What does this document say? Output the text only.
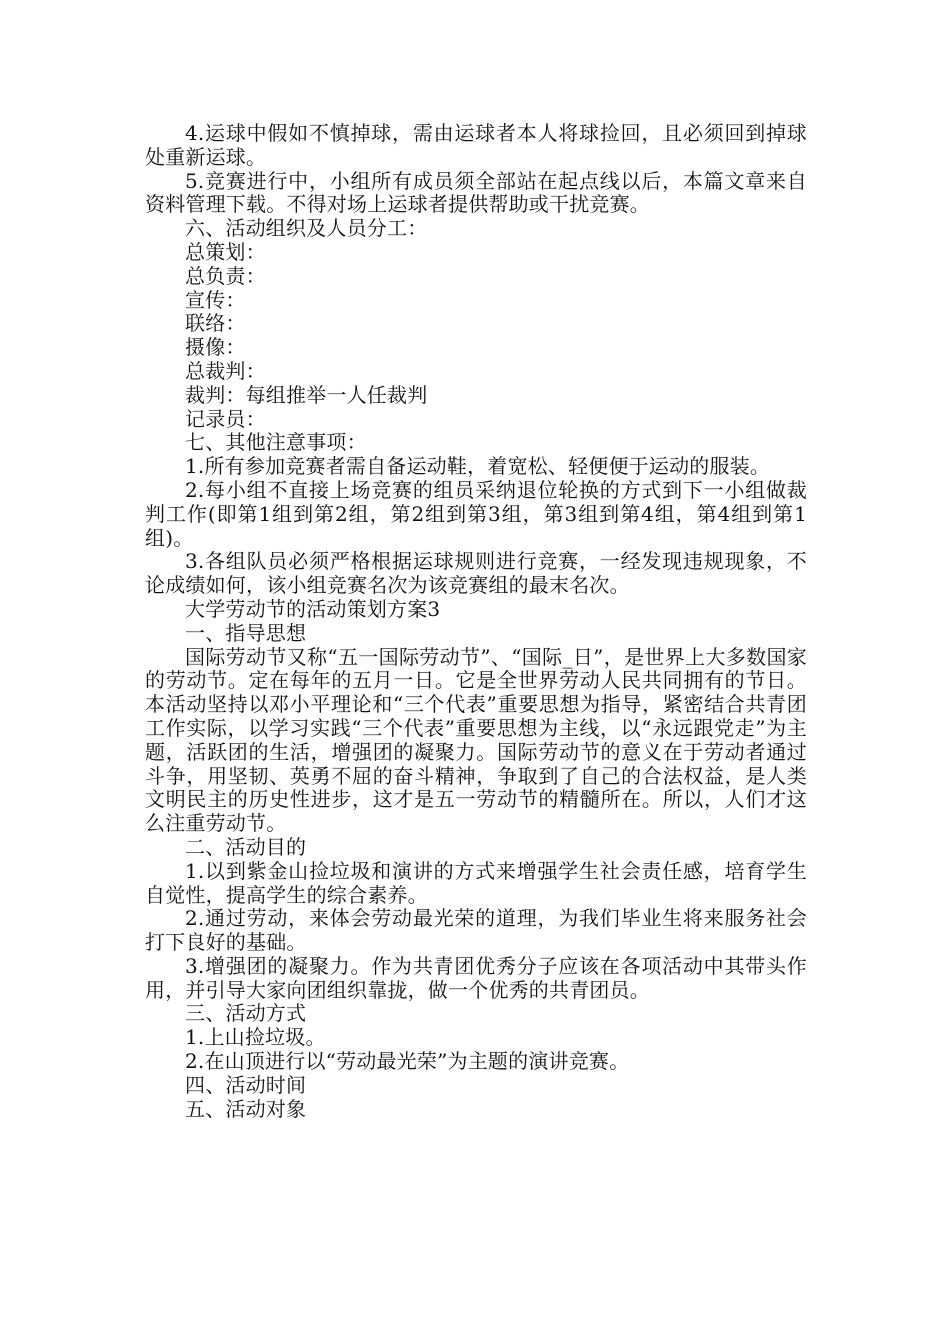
4.运球中假如不慎掉球，需由运球者本人将球捡回，且必须回到掉球处重新运球。

5.竞赛进行中，小组所有成员须全部站在起点线以后，本篇文章来自资料管理下载。不得对场上运球者提供帮助或干扰竞赛。

六、活动组织及人员分工：

总策划：

总负责：

宣传：

联络：

摄像：

总裁判：

裁判：每组推举一人任裁判

记录员：

七、其他注意事项：

1.所有参加竞赛者需自备运动鞋，着宽松、轻便便于运动的服装。

2.每小组不直接上场竞赛的组员采纳退位轮换的方式到下一小组做裁判工作(即第1组到第2组，第2组到第3组，第3组到第4组，第4组到第1组)。

3.各组队员必须严格根据运球规则进行竞赛，一经发现违规现象，不论成绩如何，该小组竞赛名次为该竞赛组的最末名次。

大学劳动节的活动策划方案3

一、指导思想

国际劳动节又称“五一国际劳动节”、“国际_日”，是世界上大多数国家的劳动节。定在每年的五月一日。它是全世界劳动人民共同拥有的节日。本活动坚持以邓小平理论和“三个代表”重要思想为指导，紧密结合共青团工作实际，以学习实践“三个代表”重要思想为主线，以“永远跟党走”为主题，活跃团的生活，增强团的凝聚力。国际劳动节的意义在于劳动者通过斗争，用坚韧、英勇不屈的奋斗精神，争取到了自己的合法权益，是人类文明民主的历史性进步，这才是五一劳动节的精髓所在。所以，人们才这么注重劳动节。

二、活动目的

1.以到紫金山捡垃圾和演讲的方式来增强学生社会责任感，培育学生自觉性，提高学生的综合素养。

2.通过劳动，来体会劳动最光荣的道理，为我们毕业生将来服务社会打下良好的基础。

3.增强团的凝聚力。作为共青团优秀分子应该在各项活动中其带头作用，并引导大家向团组织靠拢，做一个优秀的共青团员。

三、活动方式

1.上山捡垃圾。

2.在山顶进行以“劳动最光荣”为主题的演讲竞赛。

四、活动时间

五、活动对象
